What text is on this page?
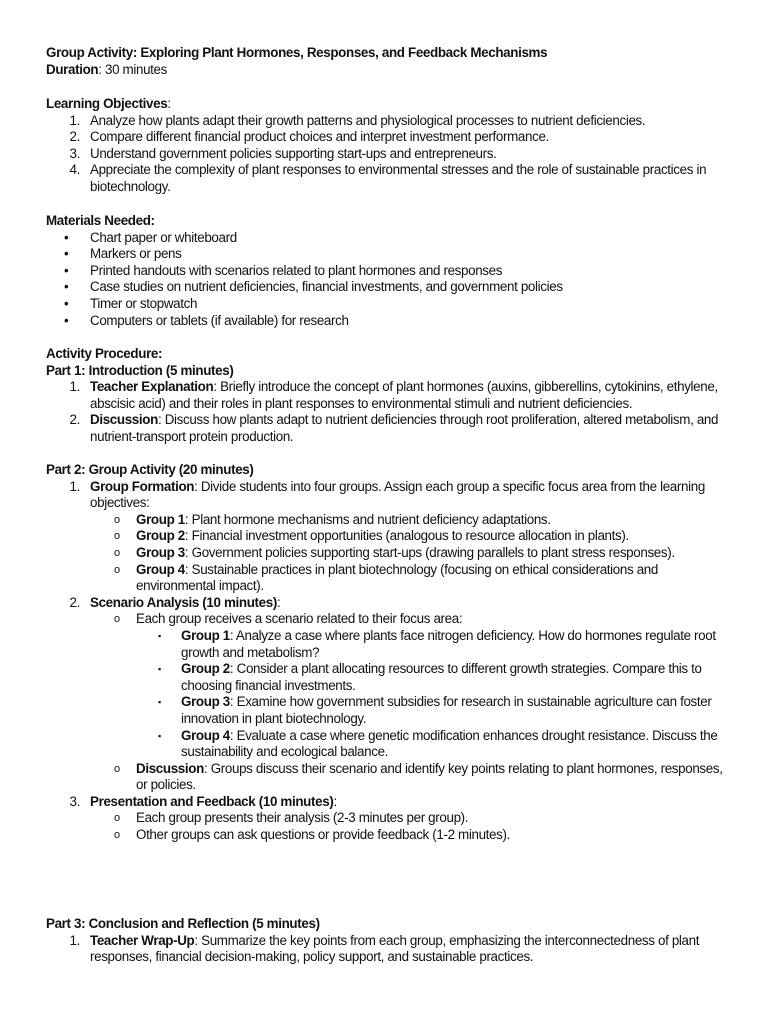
Group Activity: Exploring Plant Hormones, Responses, and Feedback Mechanisms
Duration: 30 minutes
Learning Objectives:
1. Analyze how plants adapt their growth patterns and physiological processes to nutrient deficiencies.
2. Compare different financial product choices and interpret investment performance.
3. Understand government policies supporting start-ups and entrepreneurs.
4. Appreciate the complexity of plant responses to environmental stresses and the role of sustainable practices in
biotechnology.
Materials Needed:
• Chart paper or whiteboard
• Markers or pens
• Printed handouts with scenarios related to plant hormones and responses
• Case studies on nutrient deficiencies, financial investments, and government policies
• Timer or stopwatch
• Computers or tablets (if available) for research
Activity Procedure:
Part 1: Introduction (5 minutes)
1. Teacher Explanation: Briefly introduce the concept of plant hormones (auxins, gibberellins, cytokinins, ethylene,
abscisic acid) and their roles in plant responses to environmental stimuli and nutrient deficiencies.
2. Discussion: Discuss how plants adapt to nutrient deficiencies through root proliferation, altered metabolism, and
nutrient-transport protein production.
Part 2: Group Activity (20 minutes)
1. Group Formation: Divide students into four groups. Assign each group a specific focus area from the learning
objectives:
o Group 1: Plant hormone mechanisms and nutrient deficiency adaptations.
o Group 2: Financial investment opportunities (analogous to resource allocation in plants).
o Group 3: Government policies supporting start-ups (drawing parallels to plant stress responses).
o Group 4: Sustainable practices in plant biotechnology (focusing on ethical considerations and
environmental impact).
2. Scenario Analysis (10 minutes):
o Each group receives a scenario related to their focus area:
▪ Group 1: Analyze a case where plants face nitrogen deficiency. How do hormones regulate root
growth and metabolism?
▪ Group 2: Consider a plant allocating resources to different growth strategies. Compare this to
choosing financial investments.
▪ Group 3: Examine how government subsidies for research in sustainable agriculture can foster
innovation in plant biotechnology.
▪ Group 4: Evaluate a case where genetic modification enhances drought resistance. Discuss the
sustainability and ecological balance.
o Discussion: Groups discuss their scenario and identify key points relating to plant hormones, responses,
or policies.
3. Presentation and Feedback (10 minutes):
o Each group presents their analysis (2-3 minutes per group).
o Other groups can ask questions or provide feedback (1-2 minutes).
Part 3: Conclusion and Reflection (5 minutes)
1. Teacher Wrap-Up: Summarize the key points from each group, emphasizing the interconnectedness of plant
responses, financial decision-making, policy support, and sustainable practices.
